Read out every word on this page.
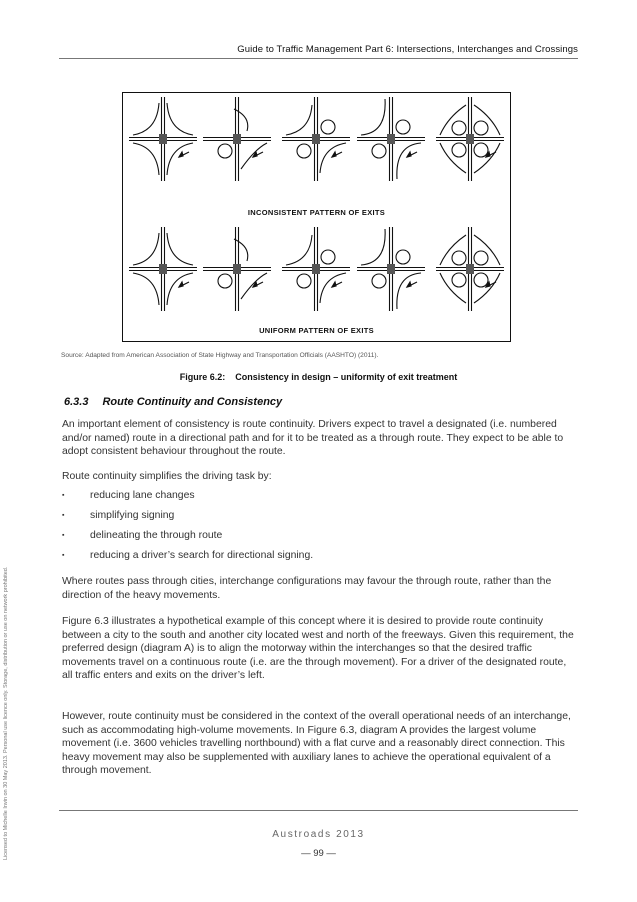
Guide to Traffic Management Part 6: Intersections, Interchanges and Crossings
INCONSISTENT PATTERN OF EXITS
UNIFORM PATTERN OF EXITS
Source: Adapted from American Association of State Highway and Transportation Officials (AASHTO) (2011).
Figure 6.2: Consistency in design – uniformity of exit treatment
6.3.3 Route Continuity and Consistency
An important element of consistency is route continuity. Drivers expect to travel a designated (i.e. numbered and/or named) route in a directional path and for it to be treated as a through route. They expect to be able to adopt consistent behaviour throughout the route.
Route continuity simplifies the driving task by:
▪ reducing lane changes
▪ simplifying signing
▪ delineating the through route
▪ reducing a driver’s search for directional signing.
Where routes pass through cities, interchange configurations may favour the through route, rather than the direction of the heavy movements.
Figure 6.3 illustrates a hypothetical example of this concept where it is desired to provide route continuity between a city to the south and another city located west and north of the freeways. Given this requirement, the preferred design (diagram A) is to align the motorway within the interchanges so that the desired traffic movements travel on a continuous route (i.e. are the through movement). For a driver of the designated route, all traffic enters and exits on the driver’s left.
However, route continuity must be considered in the context of the overall operational needs of an interchange, such as accommodating high-volume movements. In Figure 6.3, diagram A provides the largest volume movement (i.e. 3600 vehicles travelling northbound) with a flat curve and a reasonably direct connection. This heavy movement may also be supplemented with auxiliary lanes to achieve the operational equivalent of a through movement.
Licensed to Michelle Irwin on 30 May 2013. Personal use licence only. Storage, distribution or use on network prohibited.	Austroads 2013
— 99 —
